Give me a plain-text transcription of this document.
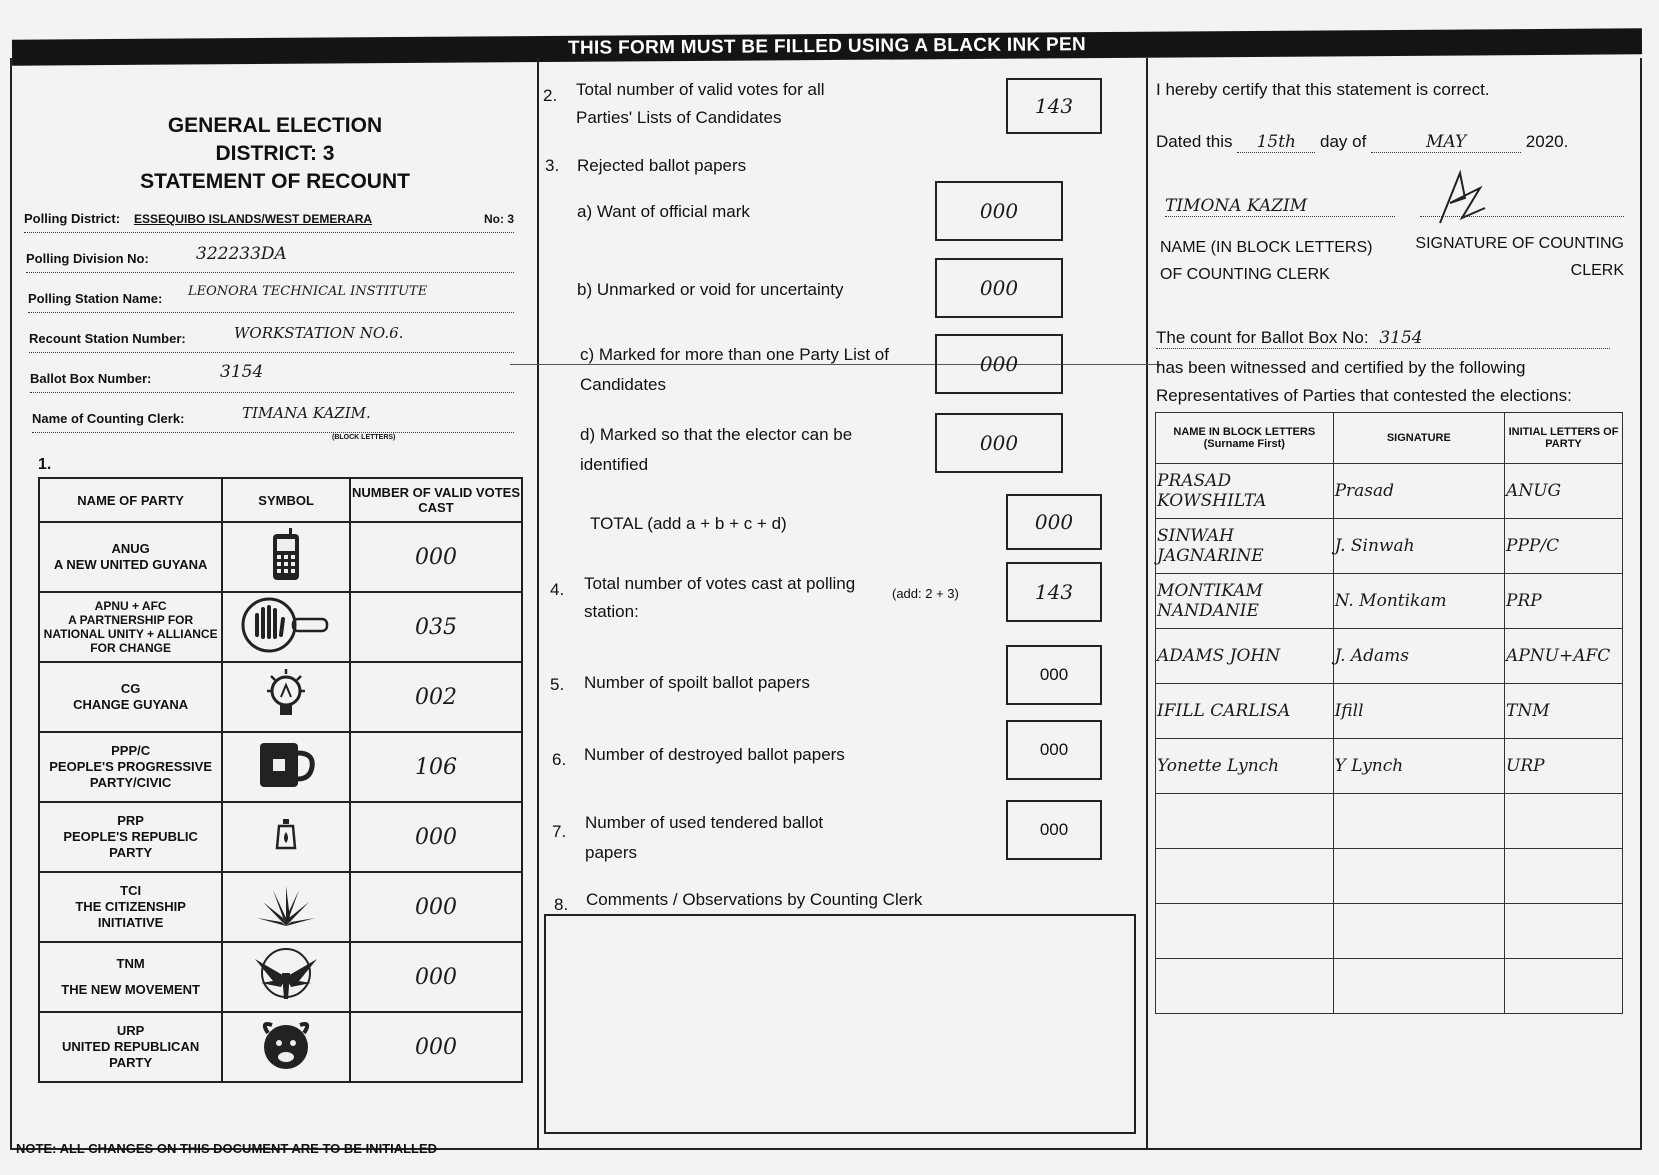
THIS FORM MUST BE FILLED USING A BLACK INK PEN
GENERAL ELECTION
DISTRICT: 3
STATEMENT OF RECOUNT
Polling District: ESSEQUIBO ISLANDS/WEST DEMERARA	No: 3
Polling Division No:	322233DA
Polling Station Name: LEONORA TECHNICAL INSTITUTE
Recount Station Number:	WORKSTATION NO.6.
Ballot Box Number:	3154
Name of Counting Clerk:	TIMANA KAZIM.
(BLOCK LETTERS)
1.
NAME OF PARTY	SYMBOL	NUMBER OF VALID VOTES CAST

ANUG
A NEW UNITED GUYANA		000

APNU + AFC
A PARTNERSHIP FOR NATIONAL UNITY + ALLIANCE FOR CHANGE		035

CG
CHANGE GUYANA		002

PPP/C
PEOPLE'S PROGRESSIVE PARTY/CIVIC		106

PRP
PEOPLE'S REPUBLIC PARTY		000

TCI
THE CITIZENSHIP INITIATIVE		000

TNM
THE NEW MOVEMENT		000

URP
UNITED REPUBLICAN PARTY		000
NOTE: ALL CHANGES ON THIS DOCUMENT ARE TO BE INITIALLED
2. Total number of valid votes for all
Parties' Lists of Candidates	143
3. Rejected ballot papers
a) Want of official mark	000
b) Unmarked or void for uncertainty	000
c) Marked for more than one Party List of
Candidates
000
d) Marked so that the elector can be
identified
000
TOTAL (add a + b + c + d)	000
4. Total number of votes cast at polling
station:
(add: 2 + 3)	143
5. Number of spoilt ballot papers	000
6. Number of destroyed ballot papers	000
7. Number of used tendered ballot
papers
000
8. Comments / Observations by Counting Clerk
I hereby certify that this statement is correct.
Dated this 15th day of	MAY	2020.
TIMONA KAZIM
NAME (IN BLOCK LETTERS)
OF COUNTING CLERK
SIGNATURE OF COUNTING
CLERK
The count for Ballot Box No: 3154
has been witnessed and certified by the following
Representatives of Parties that contested the elections:
NAME IN BLOCK LETTERS (Surname First)	SIGNATURE	INITIAL LETTERS OF PARTY
PRASAD KOWSHILTA	Prasad	ANUG
SINWAH JAGNARINE	J. Sinwah	PPP/C
MONTIKAM NANDANIE	N. Montikam	PRP
ADAMS JOHN	J. Adams	APNU+AFC
IFILL CARLISA	Ifill	TNM
Yonette Lynch	Y Lynch	URP
